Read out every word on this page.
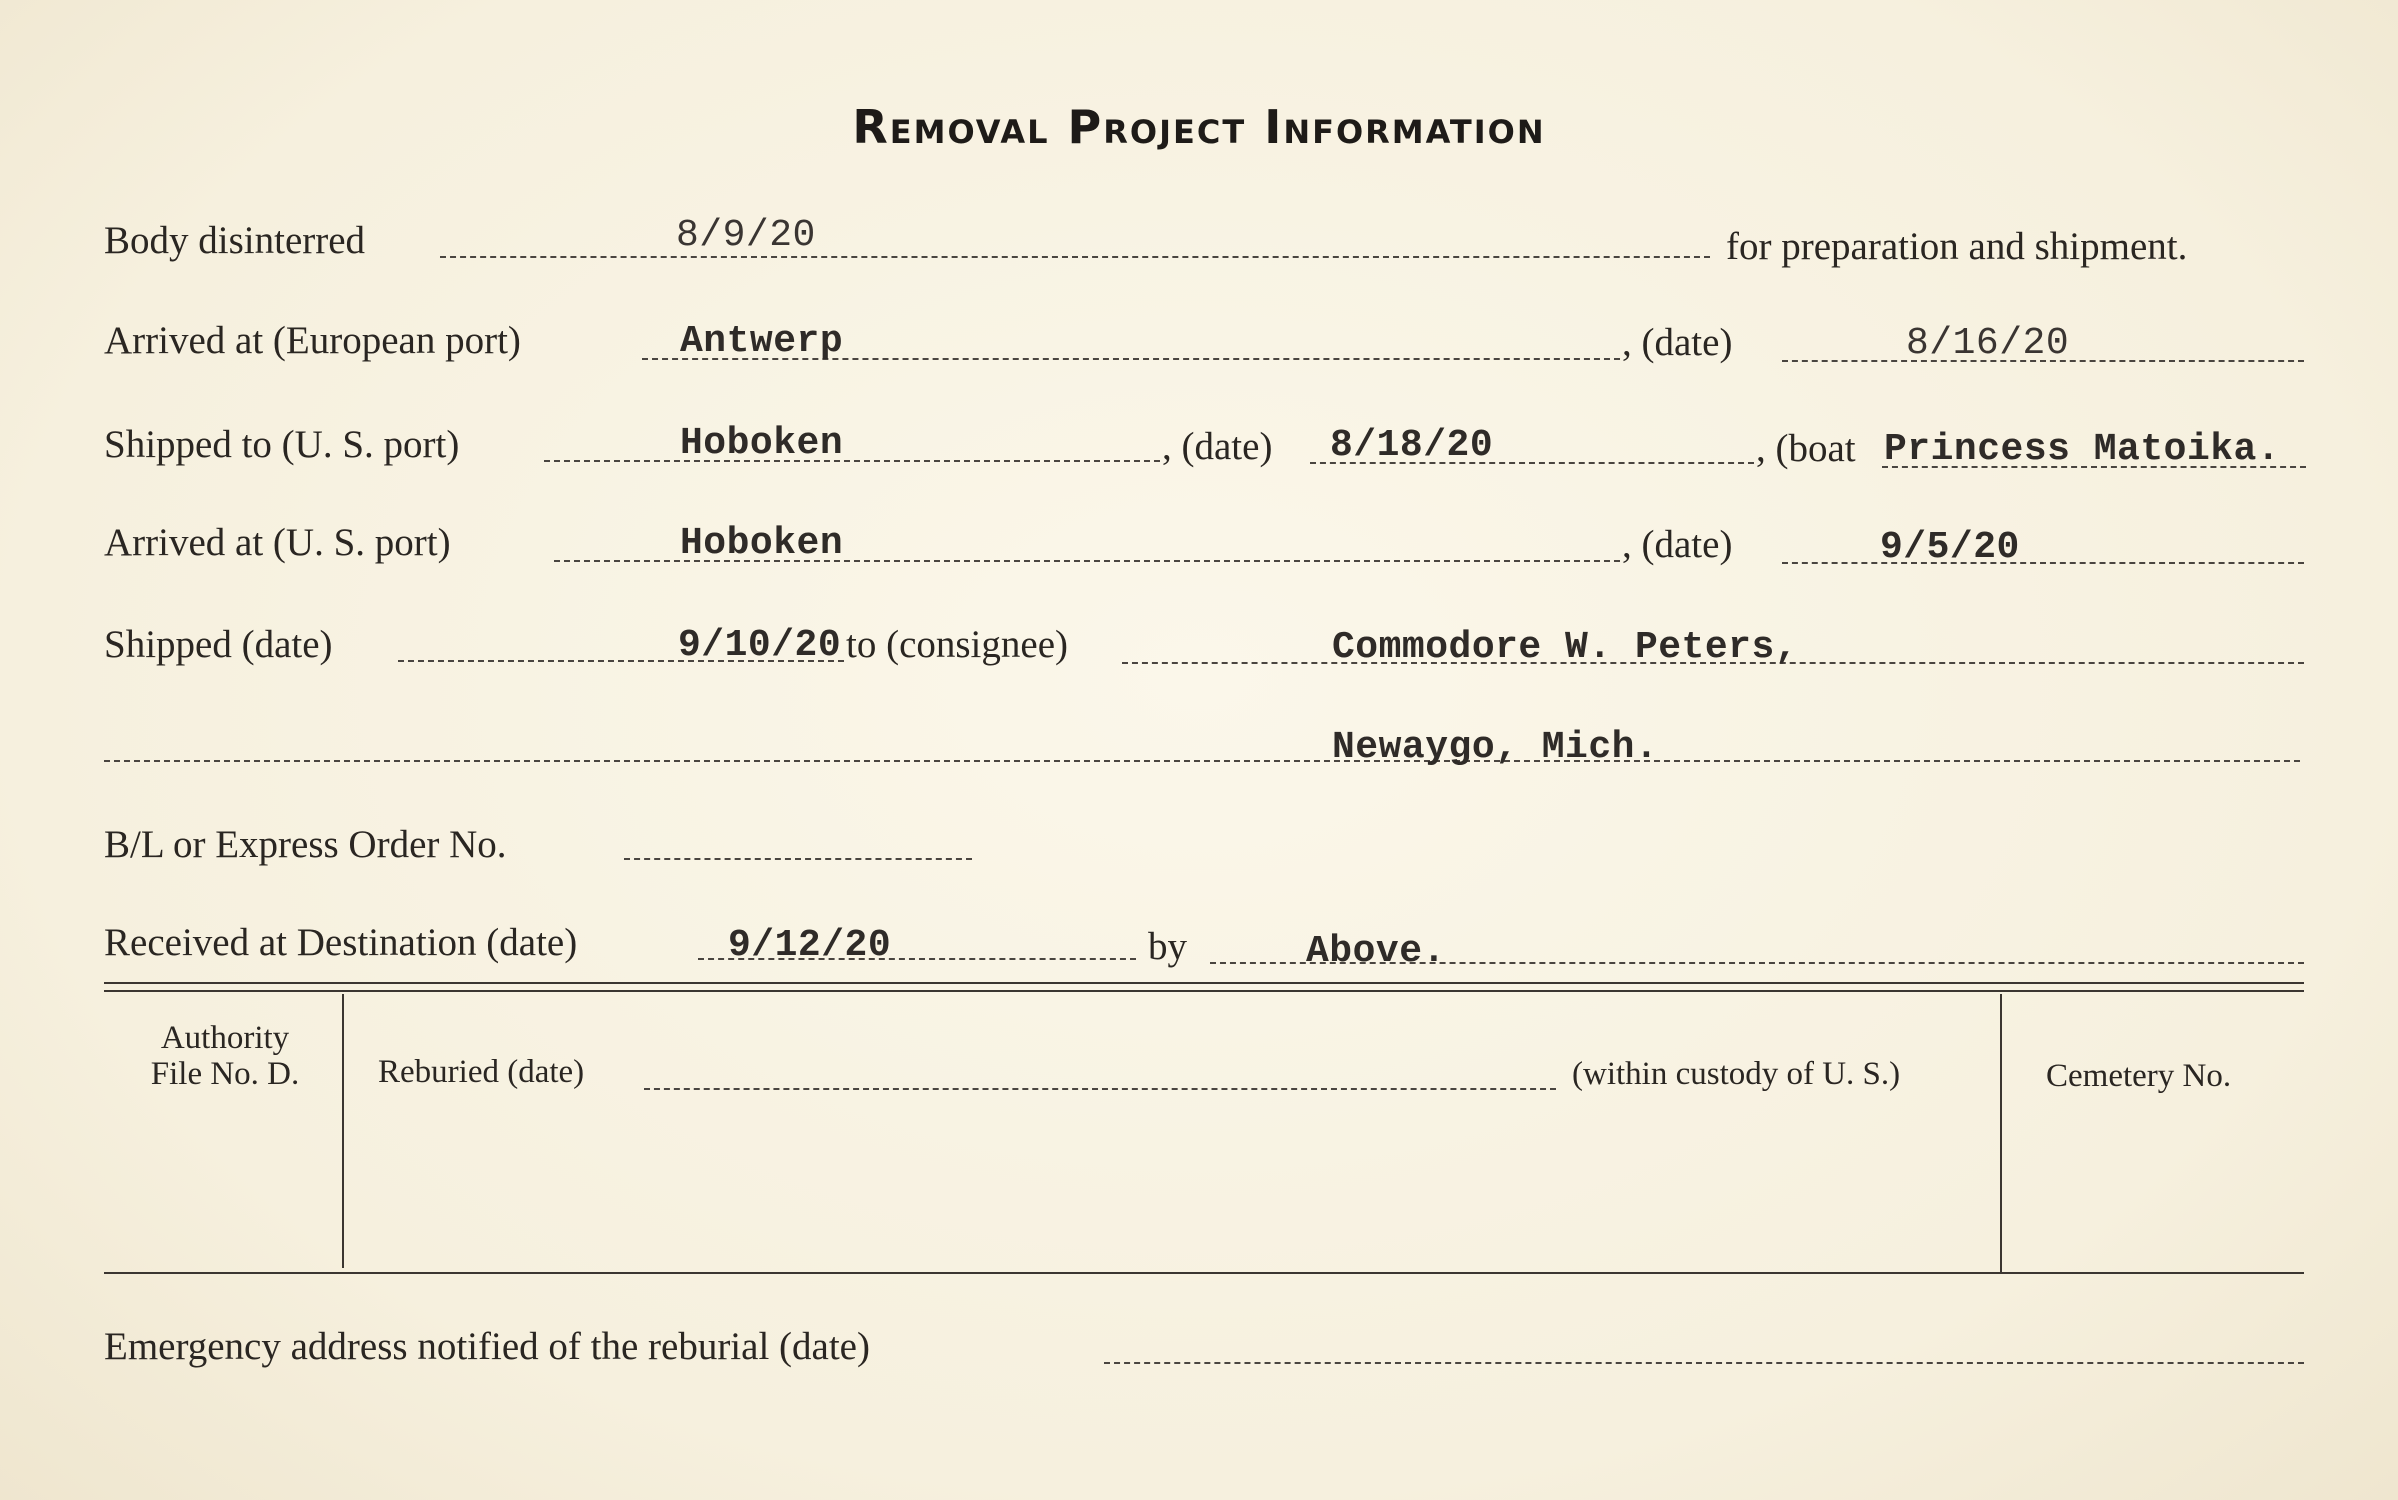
Removal Project Information
Body disinterred	8/9/20	for preparation and shipment.
Arrived at (European port)	Antwerp	, (date)	8/16/20
Shipped to (U. S. port)	Hoboken	, (date) 8/18/20	, (boat Princess Matoika.
Arrived at (U. S. port)	Hoboken	, (date)	9/5/20
Shipped (date)	9/10/20 to (consignee)	Commodore W. Peters,
Newaygo, Mich.
B/L or Express Order No.
Received at Destination (date)	9/12/20	by	Above.
Authority
File No. D.	Reburied (date)	(within custody of U. S.)	Cemetery No.
Emergency address notified of the reburial (date)
